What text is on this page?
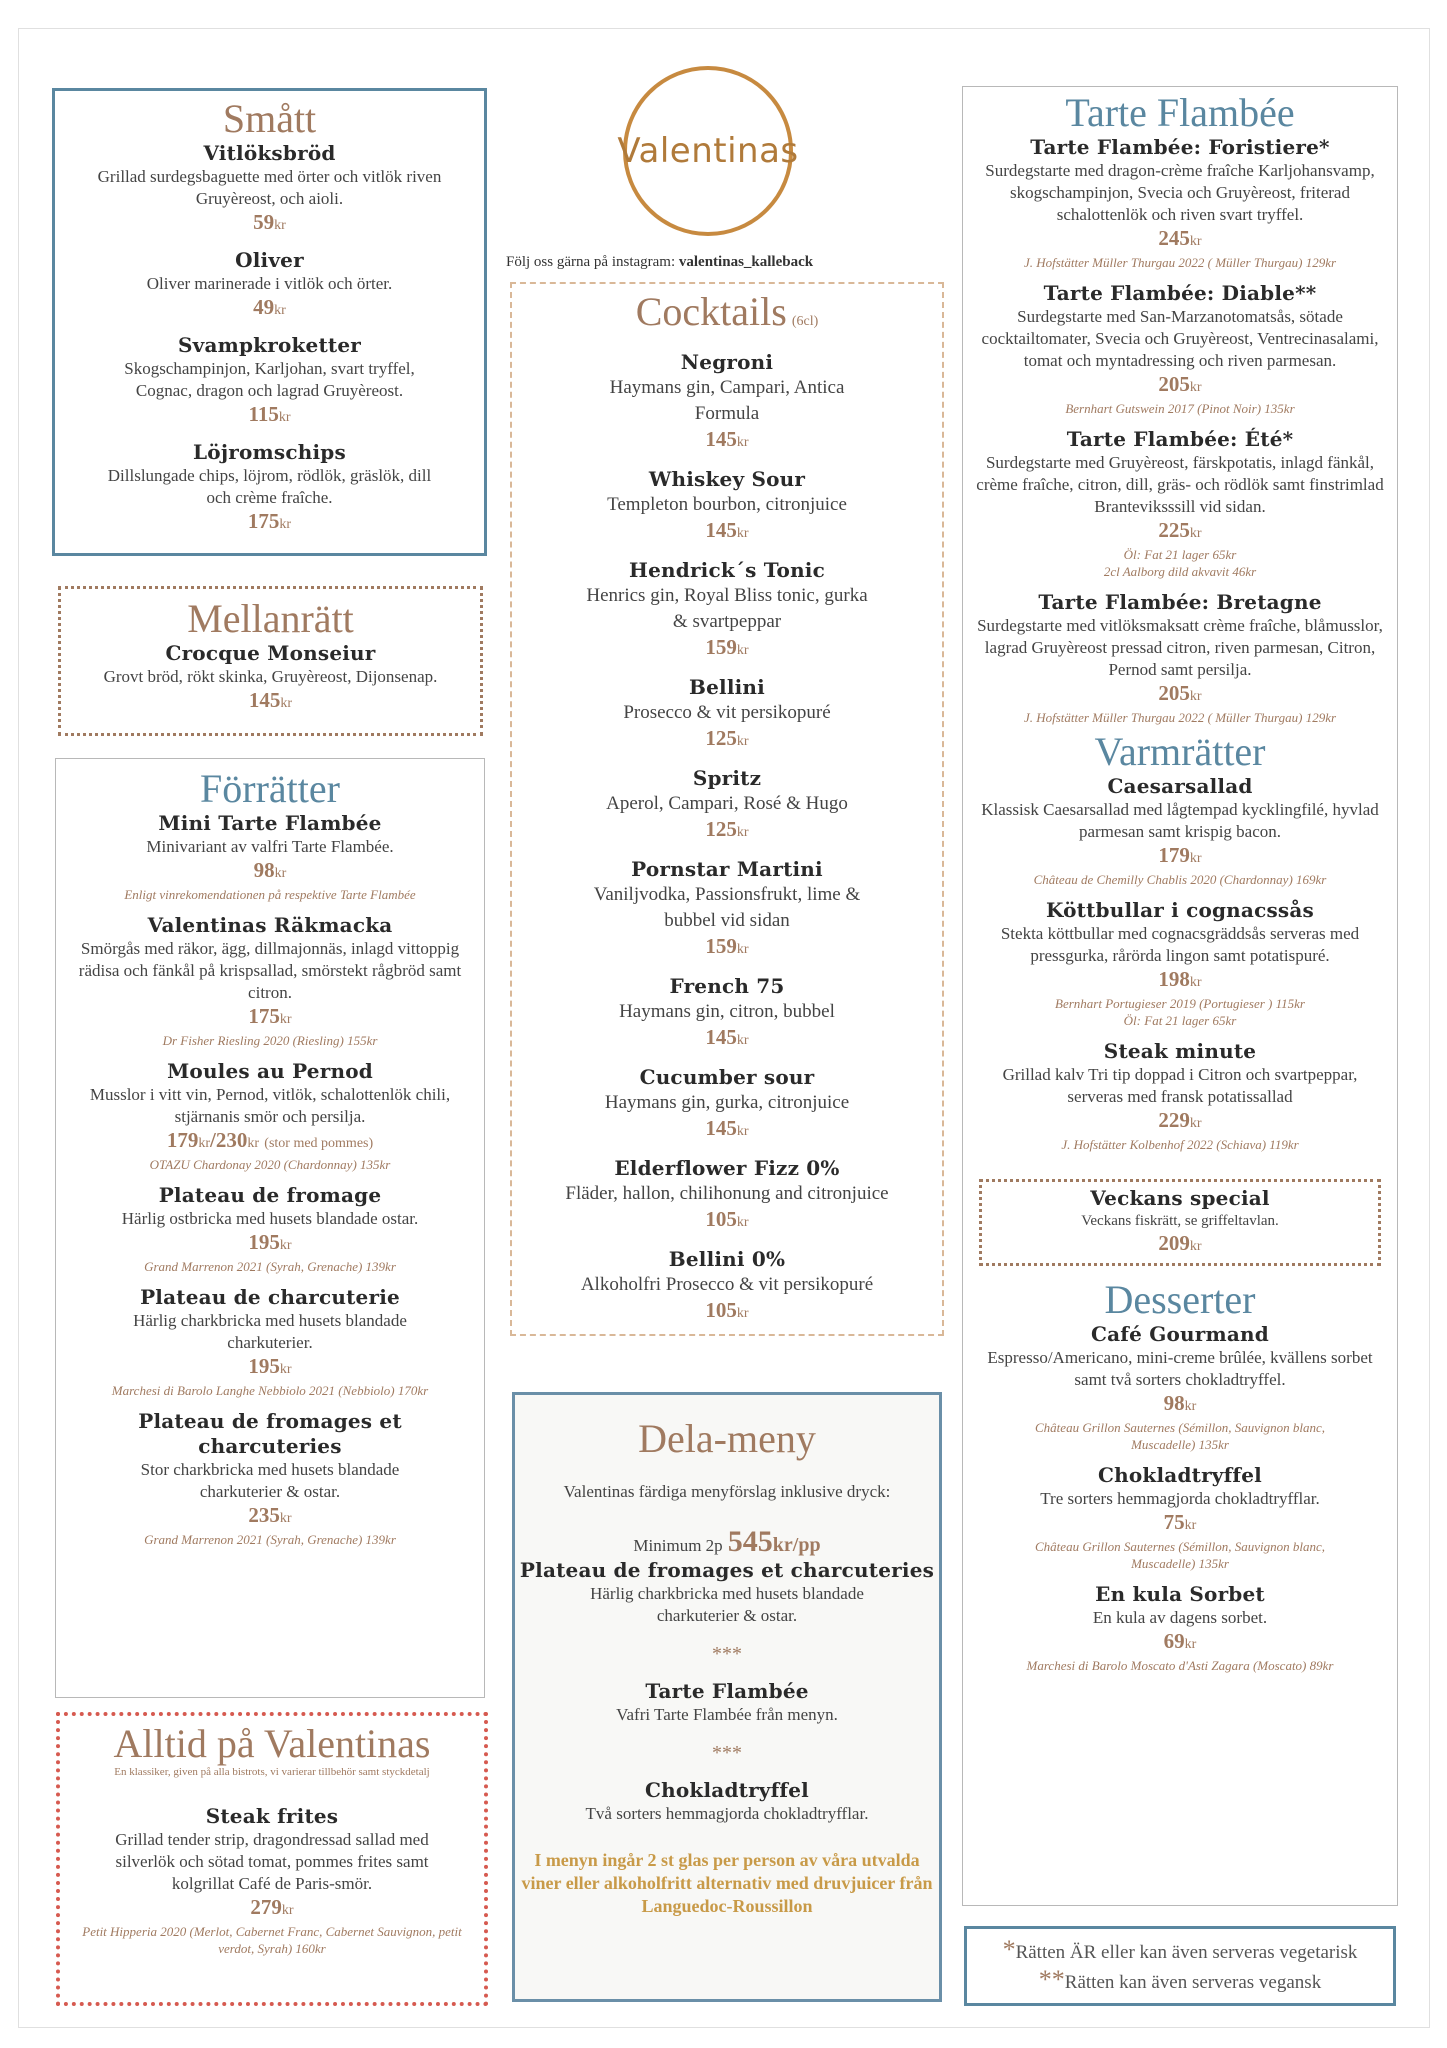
Smått
Vitlöksbröd
Grillad surdegsbaguette med örter och vitlök riven Gruyèreost, och aioli.
59kr
Oliver
Oliver marinerade i vitlök och örter.
49kr
Svampkroketter
Skogschampinjon, Karljohan, svart tryffel, Cognac, dragon och lagrad Gruyèreost.
115kr
Löjromschips
Dillslungade chips, löjrom, rödlök, gräslök, dill och crème fraîche.
175kr
Mellanrätt
Crocque Monseiur
Grovt bröd, rökt skinka, Gruyèreost, Dijonsenap.
145kr
Förrätter
Mini Tarte Flambée
Minivariant av valfri Tarte Flambée.
98kr
Enligt vinrekomendationen på respektive Tarte Flambée
Valentinas Räkmacka
Smörgås med räkor, ägg, dillmajonnäs, inlagd vittoppig rädisa och fänkål på krispsallad, smörstekt rågbröd samt citron.
175kr
Dr Fisher Riesling 2020 (Riesling) 155kr
Moules au Pernod
Musslor i vitt vin, Pernod, vitlök, schalottenlök chili, stjärnanis smör och persilja.
179kr/230kr (stor med pommes)
OTAZU Chardonay 2020 (Chardonnay) 135kr
Plateau de fromage
Härlig ostbricka med husets blandade ostar.
195kr
Grand Marrenon 2021 (Syrah, Grenache) 139kr
Plateau de charcuterie
Härlig charkbricka med husets blandade charkuterier.
195kr
Marchesi di Barolo Langhe Nebbiolo 2021 (Nebbiolo) 170kr
Plateau de fromages et charcuteries
Stor charkbricka med husets blandade charkuterier & ostar.
235kr
Grand Marrenon 2021 (Syrah, Grenache) 139kr
Alltid på Valentinas
En klassiker, given på alla bistrots, vi varierar tillbehör samt styckdetalj
Steak frites
Grillad tender strip, dragondressad sallad med silverlök och sötad tomat, pommes frites samt kolgrillat Café de Paris-smör.
279kr
Petit Hipperia 2020 (Merlot, Cabernet Franc, Cabernet Sauvignon, petit verdot, Syrah) 160kr
Valentinas
Följ oss gärna på instagram: valentinas_kalleback
Cocktails (6cl)
Negroni
Haymans gin, Campari, Antica Formula
145kr
Whiskey Sour
Templeton bourbon, citronjuice
145kr
Hendrick´s Tonic
Henrics gin, Royal Bliss tonic, gurka & svartpeppar
159kr
Bellini
Prosecco & vit persikopuré
125kr
Spritz
Aperol, Campari, Rosé & Hugo
125kr
Pornstar Martini
Vaniljvodka, Passionsfrukt, lime & bubbel vid sidan
159kr
French 75
Haymans gin, citron, bubbel
145kr
Cucumber sour
Haymans gin, gurka, citronjuice
145kr
Elderflower Fizz 0%
Fläder, hallon, chilihonung and citronjuice
105kr
Bellini 0%
Alkoholfri Prosecco & vit persikopuré
105kr
Dela-meny
Valentinas färdiga menyförslag inklusive dryck:
Minimum 2p 545kr/pp
Plateau de fromages et charcuteries
Härlig charkbricka med husets blandade charkuterier & ostar.
***
Tarte Flambée
Vafri Tarte Flambée från menyn.
***
Chokladtryffel
Två sorters hemmagjorda chokladtryfflar.
I menyn ingår 2 st glas per person av våra utvalda viner eller alkoholfritt alternativ med druvjuicer från Languedoc-Roussillon
Tarte Flambée
Tarte Flambée: Foristiere*
Surdegstarte med dragon-crème fraîche Karljohansvamp, skogschampinjon, Svecia och Gruyèreost, friterad schalottenlök och riven svart tryffel.
245kr
J. Hofstätter Müller Thurgau 2022 ( Müller Thurgau) 129kr
Tarte Flambée: Diable**
Surdegstarte med San-Marzanotomatsås, sötade cocktailtomater, Svecia och Gruyèreost, Ventrecinasalami, tomat och myntadressing och riven parmesan.
205kr
Bernhart Gutswein 2017 (Pinot Noir) 135kr
Tarte Flambée: Été*
Surdegstarte med Gruyèreost, färskpotatis, inlagd fänkål, crème fraîche, citron, dill, gräs- och rödlök samt finstrimlad Branteviksssill vid sidan.
225kr
Öl: Fat 21 lager 65kr
2cl Aalborg dild akvavit 46kr
Tarte Flambée: Bretagne
Surdegstarte med vitlöksmaksatt crème fraîche, blåmusslor, lagrad Gruyèreost pressad citron, riven parmesan, Citron, Pernod samt persilja.
205kr
J. Hofstätter Müller Thurgau 2022 ( Müller Thurgau) 129kr
Varmrätter
Caesarsallad
Klassisk Caesarsallad med lågtempad kycklingfilé, hyvlad parmesan samt krispig bacon.
179kr
Château de Chemilly Chablis 2020 (Chardonnay) 169kr
Köttbullar i cognacssås
Stekta köttbullar med cognacsgräddsås serveras med pressgurka, rårörda lingon samt potatispuré.
198kr
Bernhart Portugieser 2019 (Portugieser ) 115kr
Öl: Fat 21 lager 65kr
Steak minute
Grillad kalv Tri tip doppad i Citron och svartpeppar, serveras med fransk potatissallad
229kr
J. Hofstätter Kolbenhof 2022 (Schiava) 119kr
Veckans special
Veckans fiskrätt, se griffeltavlan.
209kr
Desserter
Café Gourmand
Espresso/Americano, mini-creme brûlée, kvällens sorbet samt två sorters chokladtryffel.
98kr
Château Grillon Sauternes (Sémillon, Sauvignon blanc, Muscadelle) 135kr
Chokladtryffel
Tre sorters hemmagjorda chokladtryfflar.
75kr
Château Grillon Sauternes (Sémillon, Sauvignon blanc, Muscadelle) 135kr
En kula Sorbet
En kula av dagens sorbet.
69kr
Marchesi di Barolo Moscato d'Asti Zagara (Moscato) 89kr
*Rätten ÄR eller kan även serveras vegetarisk
**Rätten kan även serveras vegansk
